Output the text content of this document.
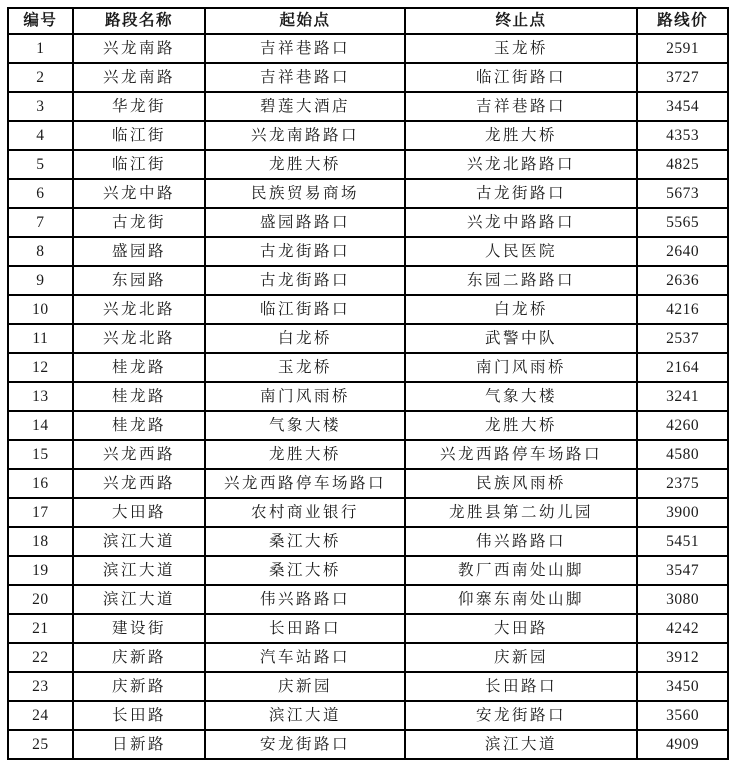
编号	路段名称	起始点	终止点	路线价
1	兴龙南路	吉祥巷路口	玉龙桥	2591
2	兴龙南路	吉祥巷路口	临江街路口	3727
3	华龙街	碧莲大酒店	吉祥巷路口	3454
4	临江街	兴龙南路路口	龙胜大桥	4353
5	临江街	龙胜大桥	兴龙北路路口	4825
6	兴龙中路	民族贸易商场	古龙街路口	5673
7	古龙街	盛园路路口	兴龙中路路口	5565
8	盛园路	古龙街路口	人民医院	2640
9	东园路	古龙街路口	东园二路路口	2636
10	兴龙北路	临江街路口	白龙桥	4216
11	兴龙北路	白龙桥	武警中队	2537
12	桂龙路	玉龙桥	南门风雨桥	2164
13	桂龙路	南门风雨桥	气象大楼	3241
14	桂龙路	气象大楼	龙胜大桥	4260
15	兴龙西路	龙胜大桥	兴龙西路停车场路口	4580
16	兴龙西路	兴龙西路停车场路口	民族风雨桥	2375
17	大田路	农村商业银行	龙胜县第二幼儿园	3900
18	滨江大道	桑江大桥	伟兴路路口	5451
19	滨江大道	桑江大桥	教厂西南处山脚	3547
20	滨江大道	伟兴路路口	仰寨东南处山脚	3080
21	建设街	长田路口	大田路	4242
22	庆新路	汽车站路口	庆新园	3912
23	庆新路	庆新园	长田路口	3450
24	长田路	滨江大道	安龙街路口	3560
25	日新路	安龙街路口	滨江大道	4909
